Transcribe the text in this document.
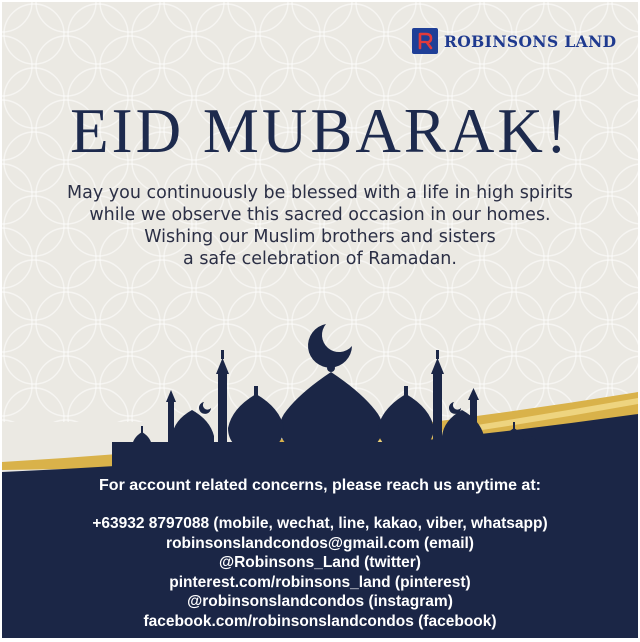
ROBINSONS LAND
EID MUBARAK!
May you continuously be blessed with a life in high spirits
while we observe this sacred occasion in our homes.
Wishing our Muslim brothers and sisters
a safe celebration of Ramadan.
For account related concerns, please reach us anytime at:
+63932 8797088 (mobile, wechat, line, kakao, viber, whatsapp)
robinsonslandcondos@gmail.com (email)
@Robinsons_Land (twitter)
pinterest.com/robinsons_land (pinterest)
@robinsonslandcondos (instagram)
facebook.com/robinsonslandcondos (facebook)
